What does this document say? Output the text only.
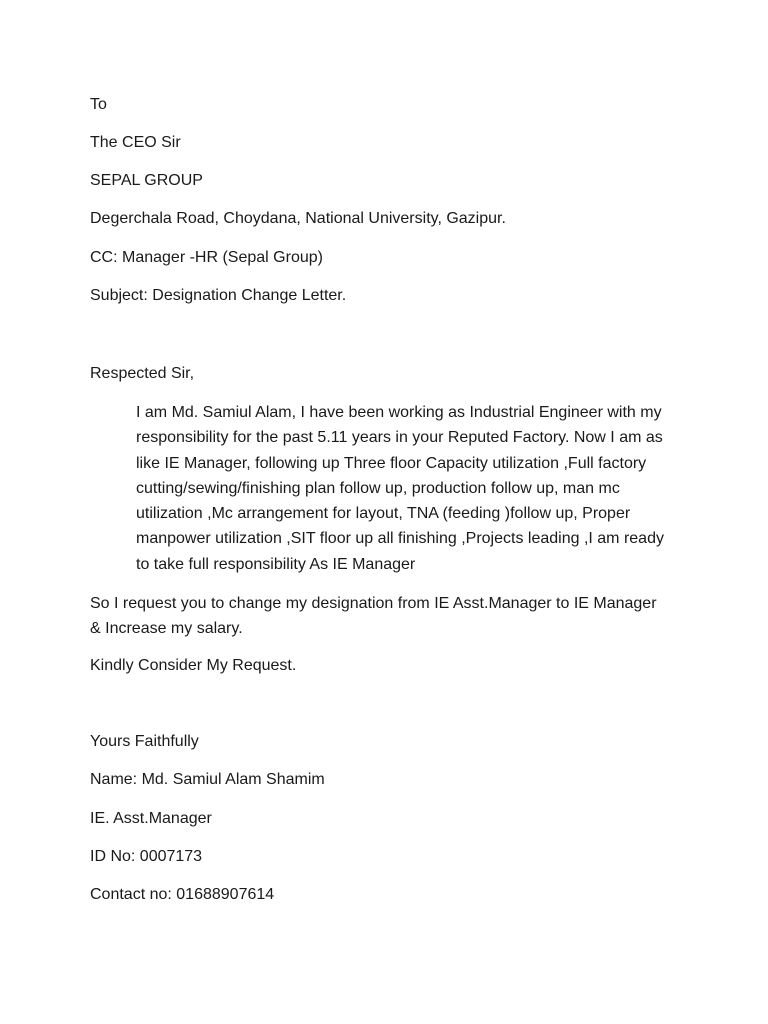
To
The CEO Sir
SEPAL GROUP
Degerchala Road, Choydana, National University, Gazipur.
CC: Manager -HR (Sepal Group)
Subject: Designation Change Letter.
Respected Sir,
I am Md. Samiul Alam, I have been working as Industrial Engineer with my
responsibility for the past 5.11 years in your Reputed Factory. Now I am as
like IE Manager, following up Three floor Capacity utilization ,Full factory
cutting/sewing/finishing plan follow up, production follow up, man mc
utilization ,Mc arrangement for layout, TNA (feeding )follow up, Proper
manpower utilization ,SIT floor up all finishing ,Projects leading ,I am ready
to take full responsibility As IE Manager
So I request you to change my designation from IE Asst.Manager to IE Manager
& Increase my salary.
Kindly Consider My Request.
Yours Faithfully
Name: Md. Samiul Alam Shamim
IE. Asst.Manager
ID No: 0007173
Contact no: 01688907614
